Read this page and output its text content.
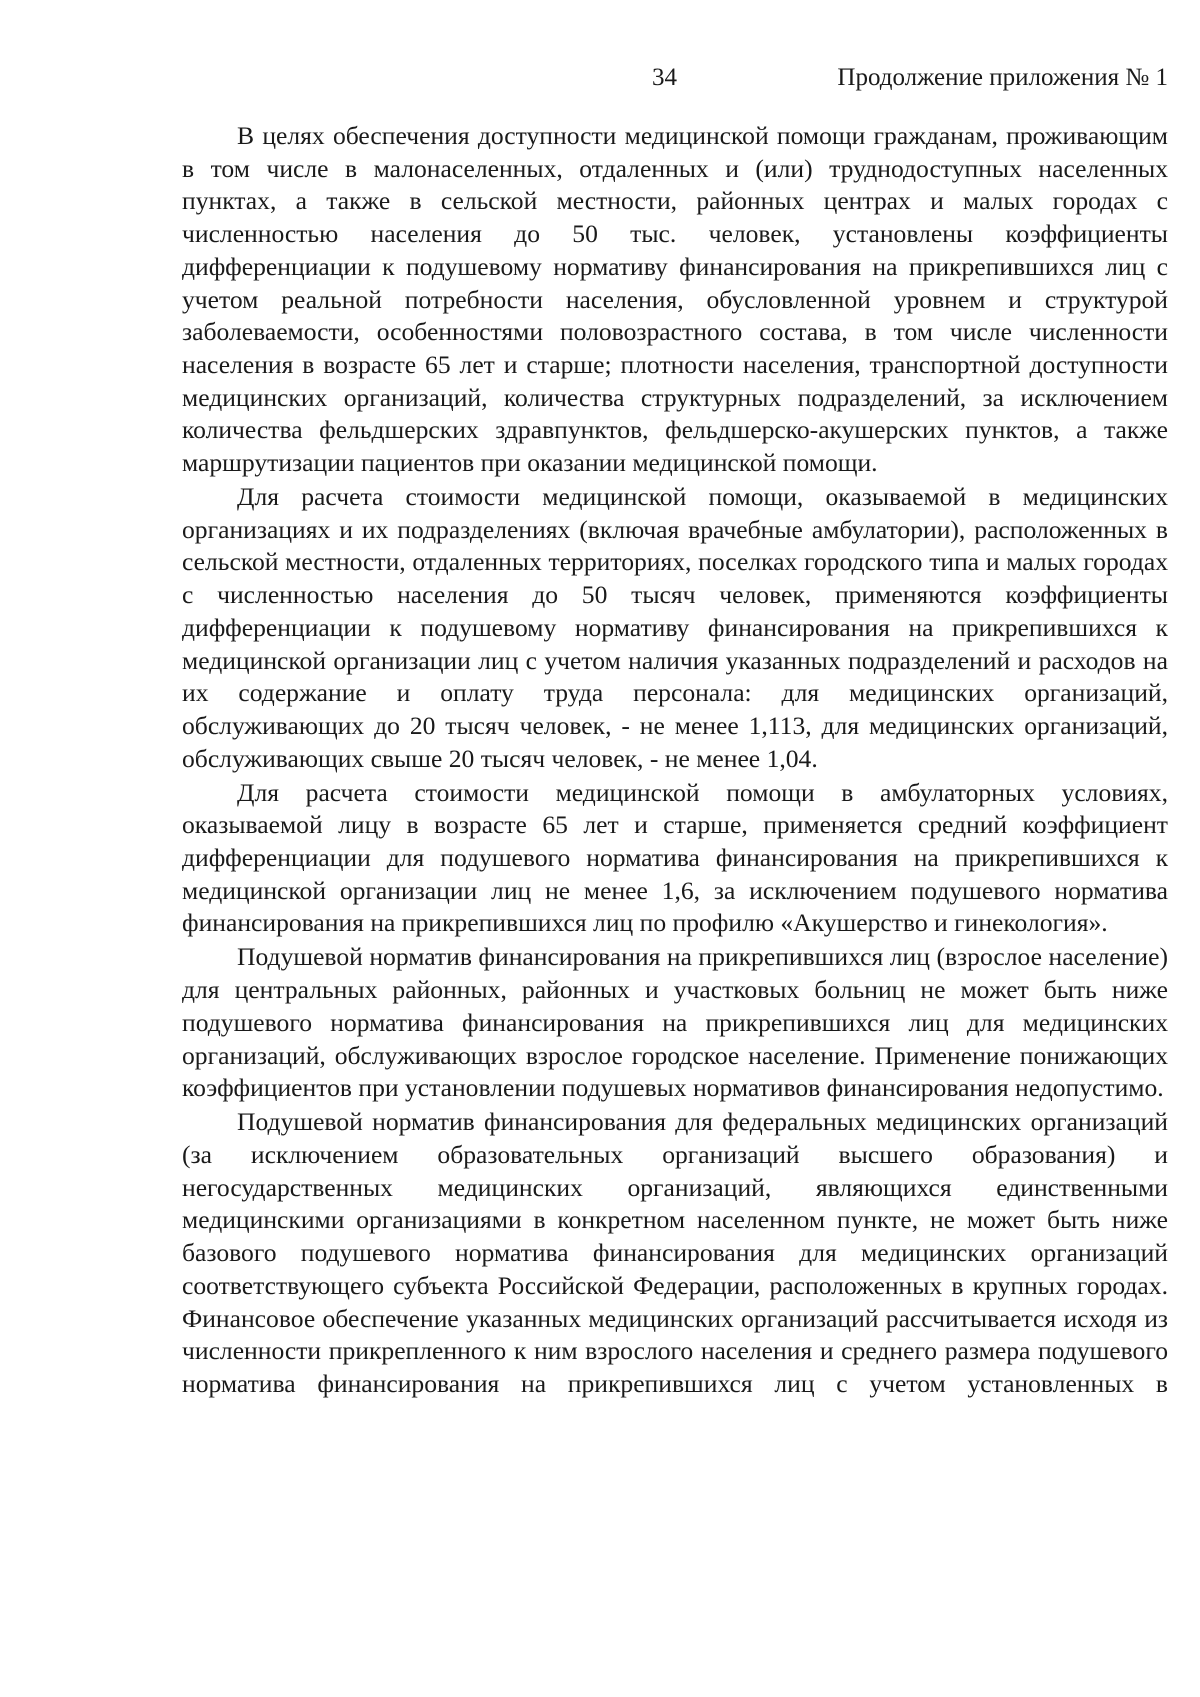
34	Продолжение приложения № 1

В целях обеспечения доступности медицинской помощи гражданам, проживающим в том числе в малонаселенных, отдаленных и (или) труднодоступных населенных пунктах, а также в сельской местности, районных центрах и малых городах с численностью населения до 50 тыс. человек, установлены коэффициенты дифференциации к подушевому нормативу финансирования на прикрепившихся лиц с учетом реальной потребности населения, обусловленной уровнем и структурой заболеваемости, особенностями половозрастного состава, в том числе численности населения в возрасте 65 лет и старше; плотности населения, транспортной доступности медицинских организаций, количества структурных подразделений, за исключением количества фельдшерских здравпунктов, фельдшерско-акушерских пунктов, а также маршрутизации пациентов при оказании медицинской помощи.

Для расчета стоимости медицинской помощи, оказываемой в медицинских организациях и их подразделениях (включая врачебные амбулатории), расположенных в сельской местности, отдаленных территориях, поселках городского типа и малых городах с численностью населения до 50 тысяч человек, применяются коэффициенты дифференциации к подушевому нормативу финансирования на прикрепившихся к медицинской организации лиц с учетом наличия указанных подразделений и расходов на их содержание и оплату труда персонала: для медицинских организаций, обслуживающих до 20 тысяч человек, - не менее 1,113, для медицинских организаций, обслуживающих свыше 20 тысяч человек, - не менее 1,04.

Для расчета стоимости медицинской помощи в амбулаторных условиях, оказываемой лицу в возрасте 65 лет и старше, применяется средний коэффициент дифференциации для подушевого норматива финансирования на прикрепившихся к медицинской организации лиц не менее 1,6, за исключением подушевого норматива финансирования на прикрепившихся лиц по профилю «Акушерство и гинекология».

Подушевой норматив финансирования на прикрепившихся лиц (взрослое население) для центральных районных, районных и участковых больниц не может быть ниже подушевого норматива финансирования на прикрепившихся лиц для медицинских организаций, обслуживающих взрослое городское население. Применение понижающих коэффициентов при установлении подушевых нормативов финансирования недопустимо.

Подушевой норматив финансирования для федеральных медицинских организаций (за исключением образовательных организаций высшего образования) и негосударственных медицинских организаций, являющихся единственными медицинскими организациями в конкретном населенном пункте, не может быть ниже базового подушевого норматива финансирования для медицинских организаций соответствующего субъекта Российской Федерации, расположенных в крупных городах. Финансовое обеспечение указанных медицинских организаций рассчитывается исходя из численности прикрепленного к ним взрослого населения и среднего размера подушевого норматива финансирования на прикрепившихся лиц с учетом установленных в
